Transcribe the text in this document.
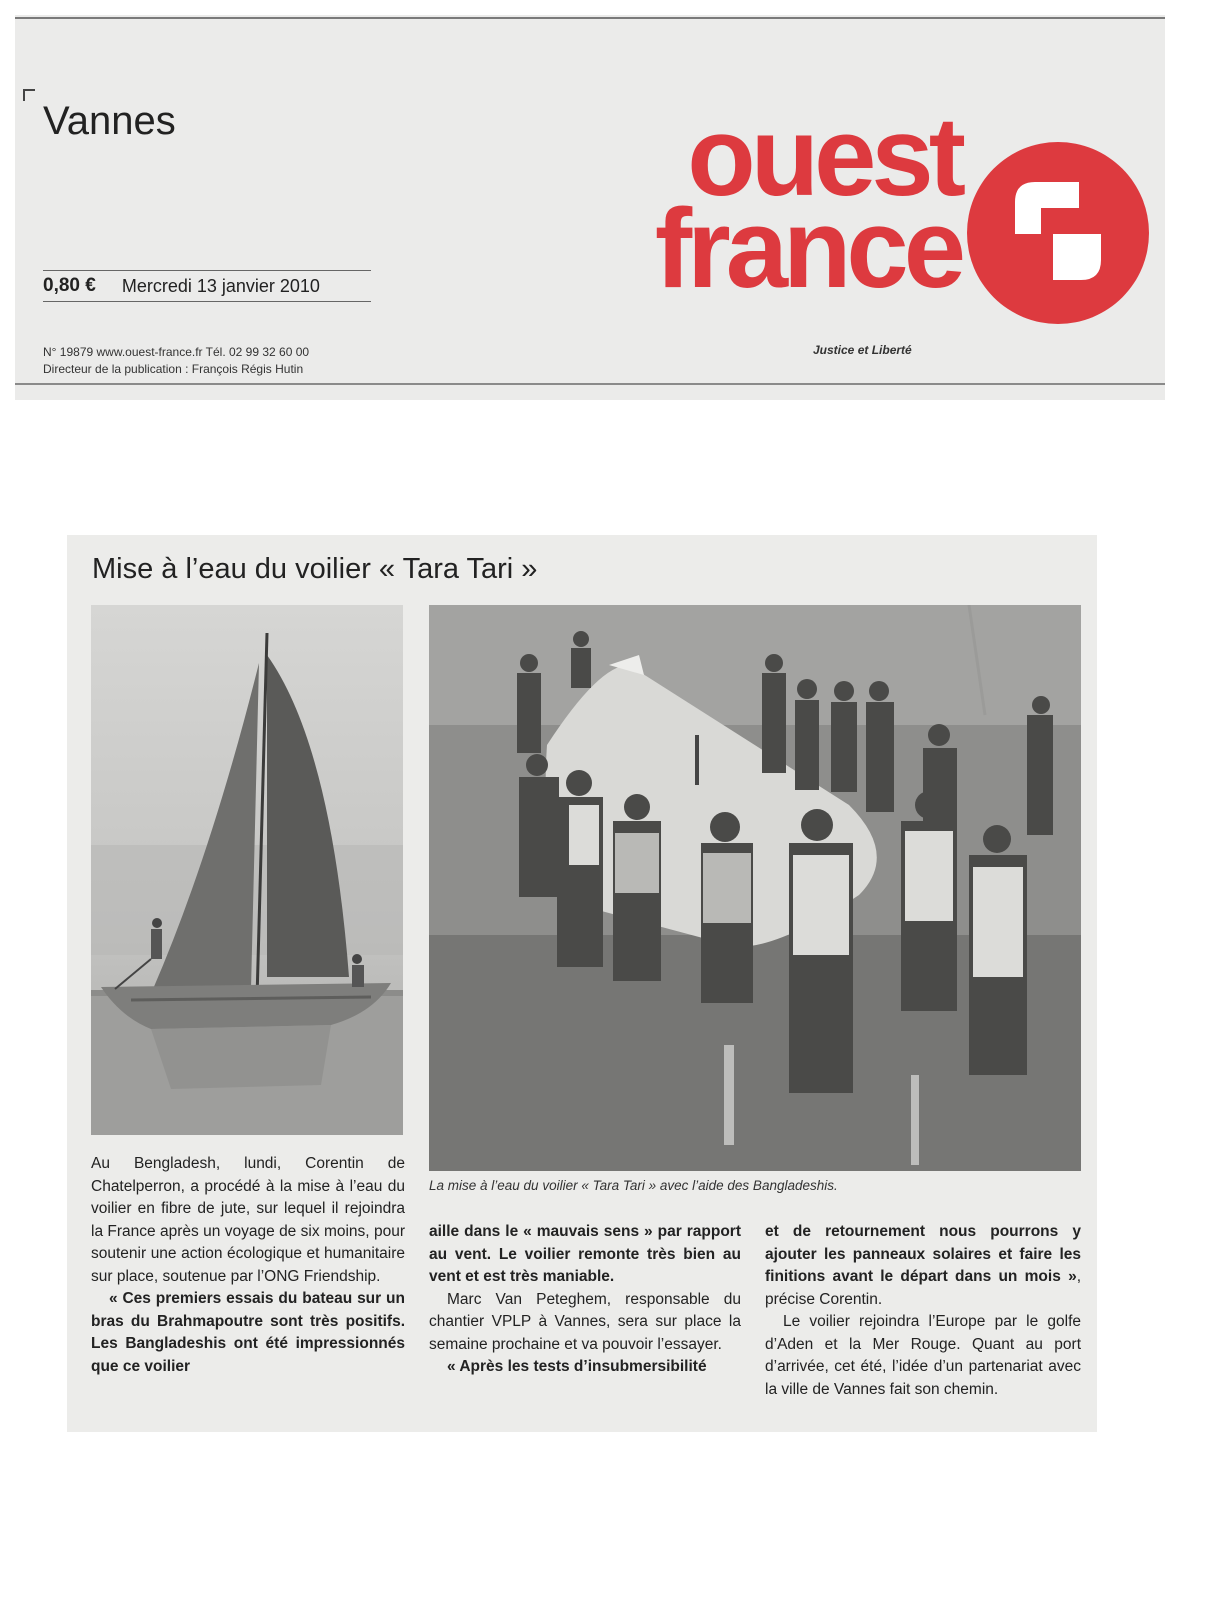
Vannes
0,80 € Mercredi 13 janvier 2010
N° 19879 www.ouest-france.fr Tél. 02 99 32 60 00
Directeur de la publication : François Régis Hutin
ouest
france
Justice et Liberté
Mise à l’eau du voilier « Tara Tari »
La mise à l’eau du voilier « Tara Tari » avec l’aide des Bangladeshis.

Au Bengladesh, lundi, Corentin de Chatelperron, a procédé à la mise à l’eau du voilier en fibre de jute, sur lequel il rejoindra la France après un voyage de six moins, pour soutenir une action écologique et humanitaire sur place, soutenue par l’ONG Friendship.

« Ces premiers essais du bateau sur un bras du Brahmapoutre sont très positifs. Les Bangladeshis ont été impressionnés que ce voilier

aille dans le « mauvais sens » par rapport au vent. Le voilier remonte très bien au vent et est très maniable.

Marc Van Peteghem, responsable du chantier VPLP à Vannes, sera sur place la semaine prochaine et va pouvoir l’essayer.

« Après les tests d’insubmersibilité

et de retournement nous pourrons y ajouter les panneaux solaires et faire les finitions avant le départ dans un mois », précise Corentin.

Le voilier rejoindra l’Europe par le golfe d’Aden et la Mer Rouge. Quant au port d’arrivée, cet été, l’idée d’un partenariat avec la ville de Vannes fait son chemin.
